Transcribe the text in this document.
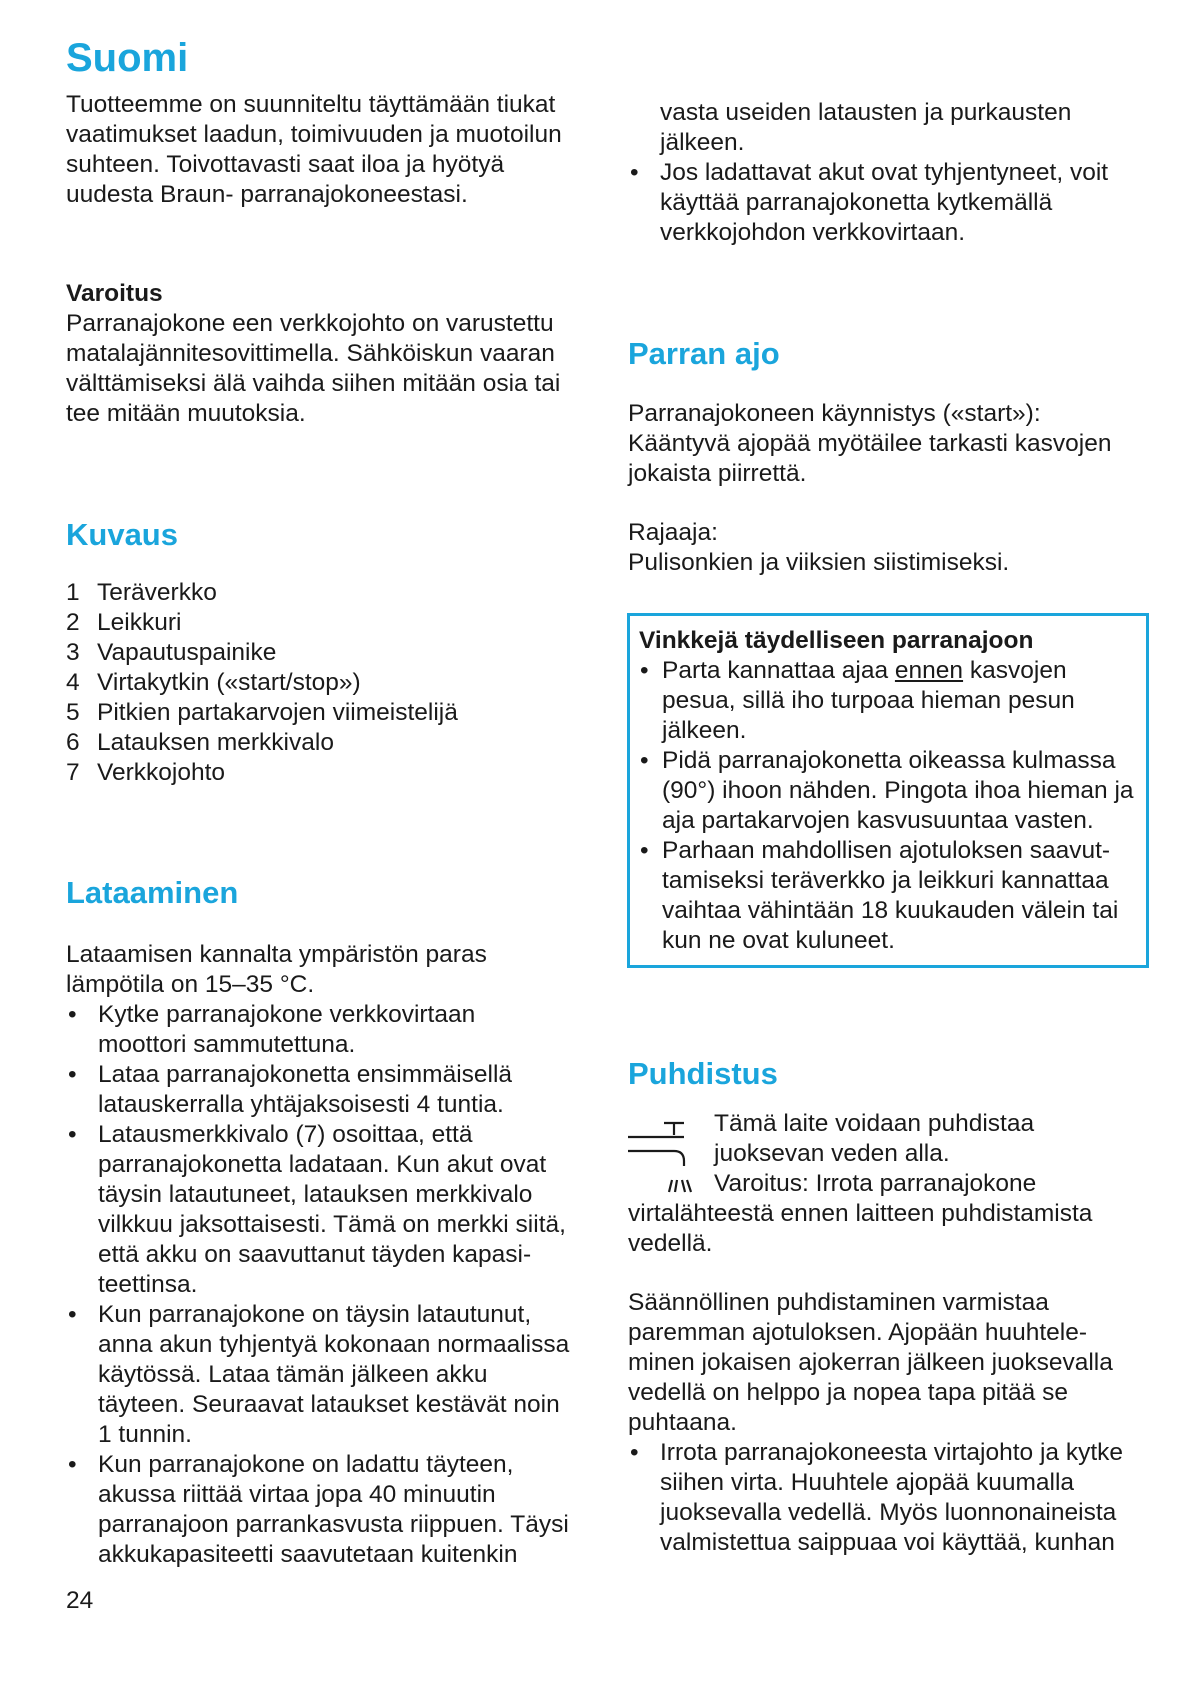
Suomi

Tuotteemme on suunniteltu täyttämään tiukat

vaatimukset laadun, toimivuuden ja muotoilun

suhteen. Toivottavasti saat iloa ja hyötyä

uudesta Braun- parranajokoneestasi.

Varoitus

Parranajokone een verkkojohto on varustettu

matalajännitesovittimella. Sähköiskun vaaran

välttämiseksi älä vaihda siihen mitään osia tai

tee mitään muutoksia.

Kuvaus
1 Teräverkko
2 Leikkuri
3 Vapautuspainike
4 Virtakytkin («start/stop»)
5 Pitkien partakarvojen viimeistelijä
6 Latauksen merkkivalo
7 Verkkojohto
Lataaminen

Lataamisen kannalta ympäristön paras

lämpötila on 15–35 °C.

• Kytke parranajokone verkkovirtaan

moottori sammutettuna.

• Lataa parranajokonetta ensimmäisellä

latauskerralla yhtäjaksoisesti 4 tuntia.

• Latausmerkkivalo (7) osoittaa, että

parranajokonetta ladataan. Kun akut ovat

täysin latautuneet, latauksen merkkivalo

vilkkuu jaksottaisesti. Tämä on merkki siitä,

että akku on saavuttanut täyden kapasi-

teettinsa.

• Kun parranajokone on täysin latautunut,

anna akun tyhjentyä kokonaan normaalissa

käytössä. Lataa tämän jälkeen akku

täyteen. Seuraavat lataukset kestävät noin

1 tunnin.

• Kun parranajokone on ladattu täyteen,

akussa riittää virtaa jopa 40 minuutin

parranajoon parrankasvusta riippuen. Täysi

akkukapasiteetti saavutetaan kuitenkin

vasta useiden latausten ja purkausten

jälkeen.

• Jos ladattavat akut ovat tyhjentyneet, voit

käyttää parranajokonetta kytkemällä

verkkojohdon verkkovirtaan.

Parran ajo

Parranajokoneen käynnistys («start»):

Kääntyvä ajopää myötäilee tarkasti kasvojen

jokaista piirrettä.

Rajaaja:

Pulisonkien ja viiksien siistimiseksi.

Vinkkejä täydelliseen parranajoon

• Parta kannattaa ajaa ennen kasvojen

pesua, sillä iho turpoaa hieman pesun

jälkeen.

• Pidä parranajokonetta oikeassa kulmassa

(90°) ihoon nähden. Pingota ihoa hieman ja

aja partakarvojen kasvusuuntaa vasten.

• Parhaan mahdollisen ajotuloksen saavut-

tamiseksi teräverkko ja leikkuri kannattaa

vaihtaa vähintään 18 kuukauden välein tai

kun ne ovat kuluneet.

Puhdistus

Tämä laite voidaan puhdistaa

juoksevan veden alla.

Varoitus: Irrota parranajokone

virtalähteestä ennen laitteen puhdistamista

vedellä.

Säännöllinen puhdistaminen varmistaa

paremman ajotuloksen. Ajopään huuhtele-

minen jokaisen ajokerran jälkeen juoksevalla

vedellä on helppo ja nopea tapa pitää se

puhtaana.

• Irrota parranajokoneesta virtajohto ja kytke

siihen virta. Huuhtele ajopää kuumalla

juoksevalla vedellä. Myös luonnonaineista

valmistettua saippuaa voi käyttää, kunhan

24
